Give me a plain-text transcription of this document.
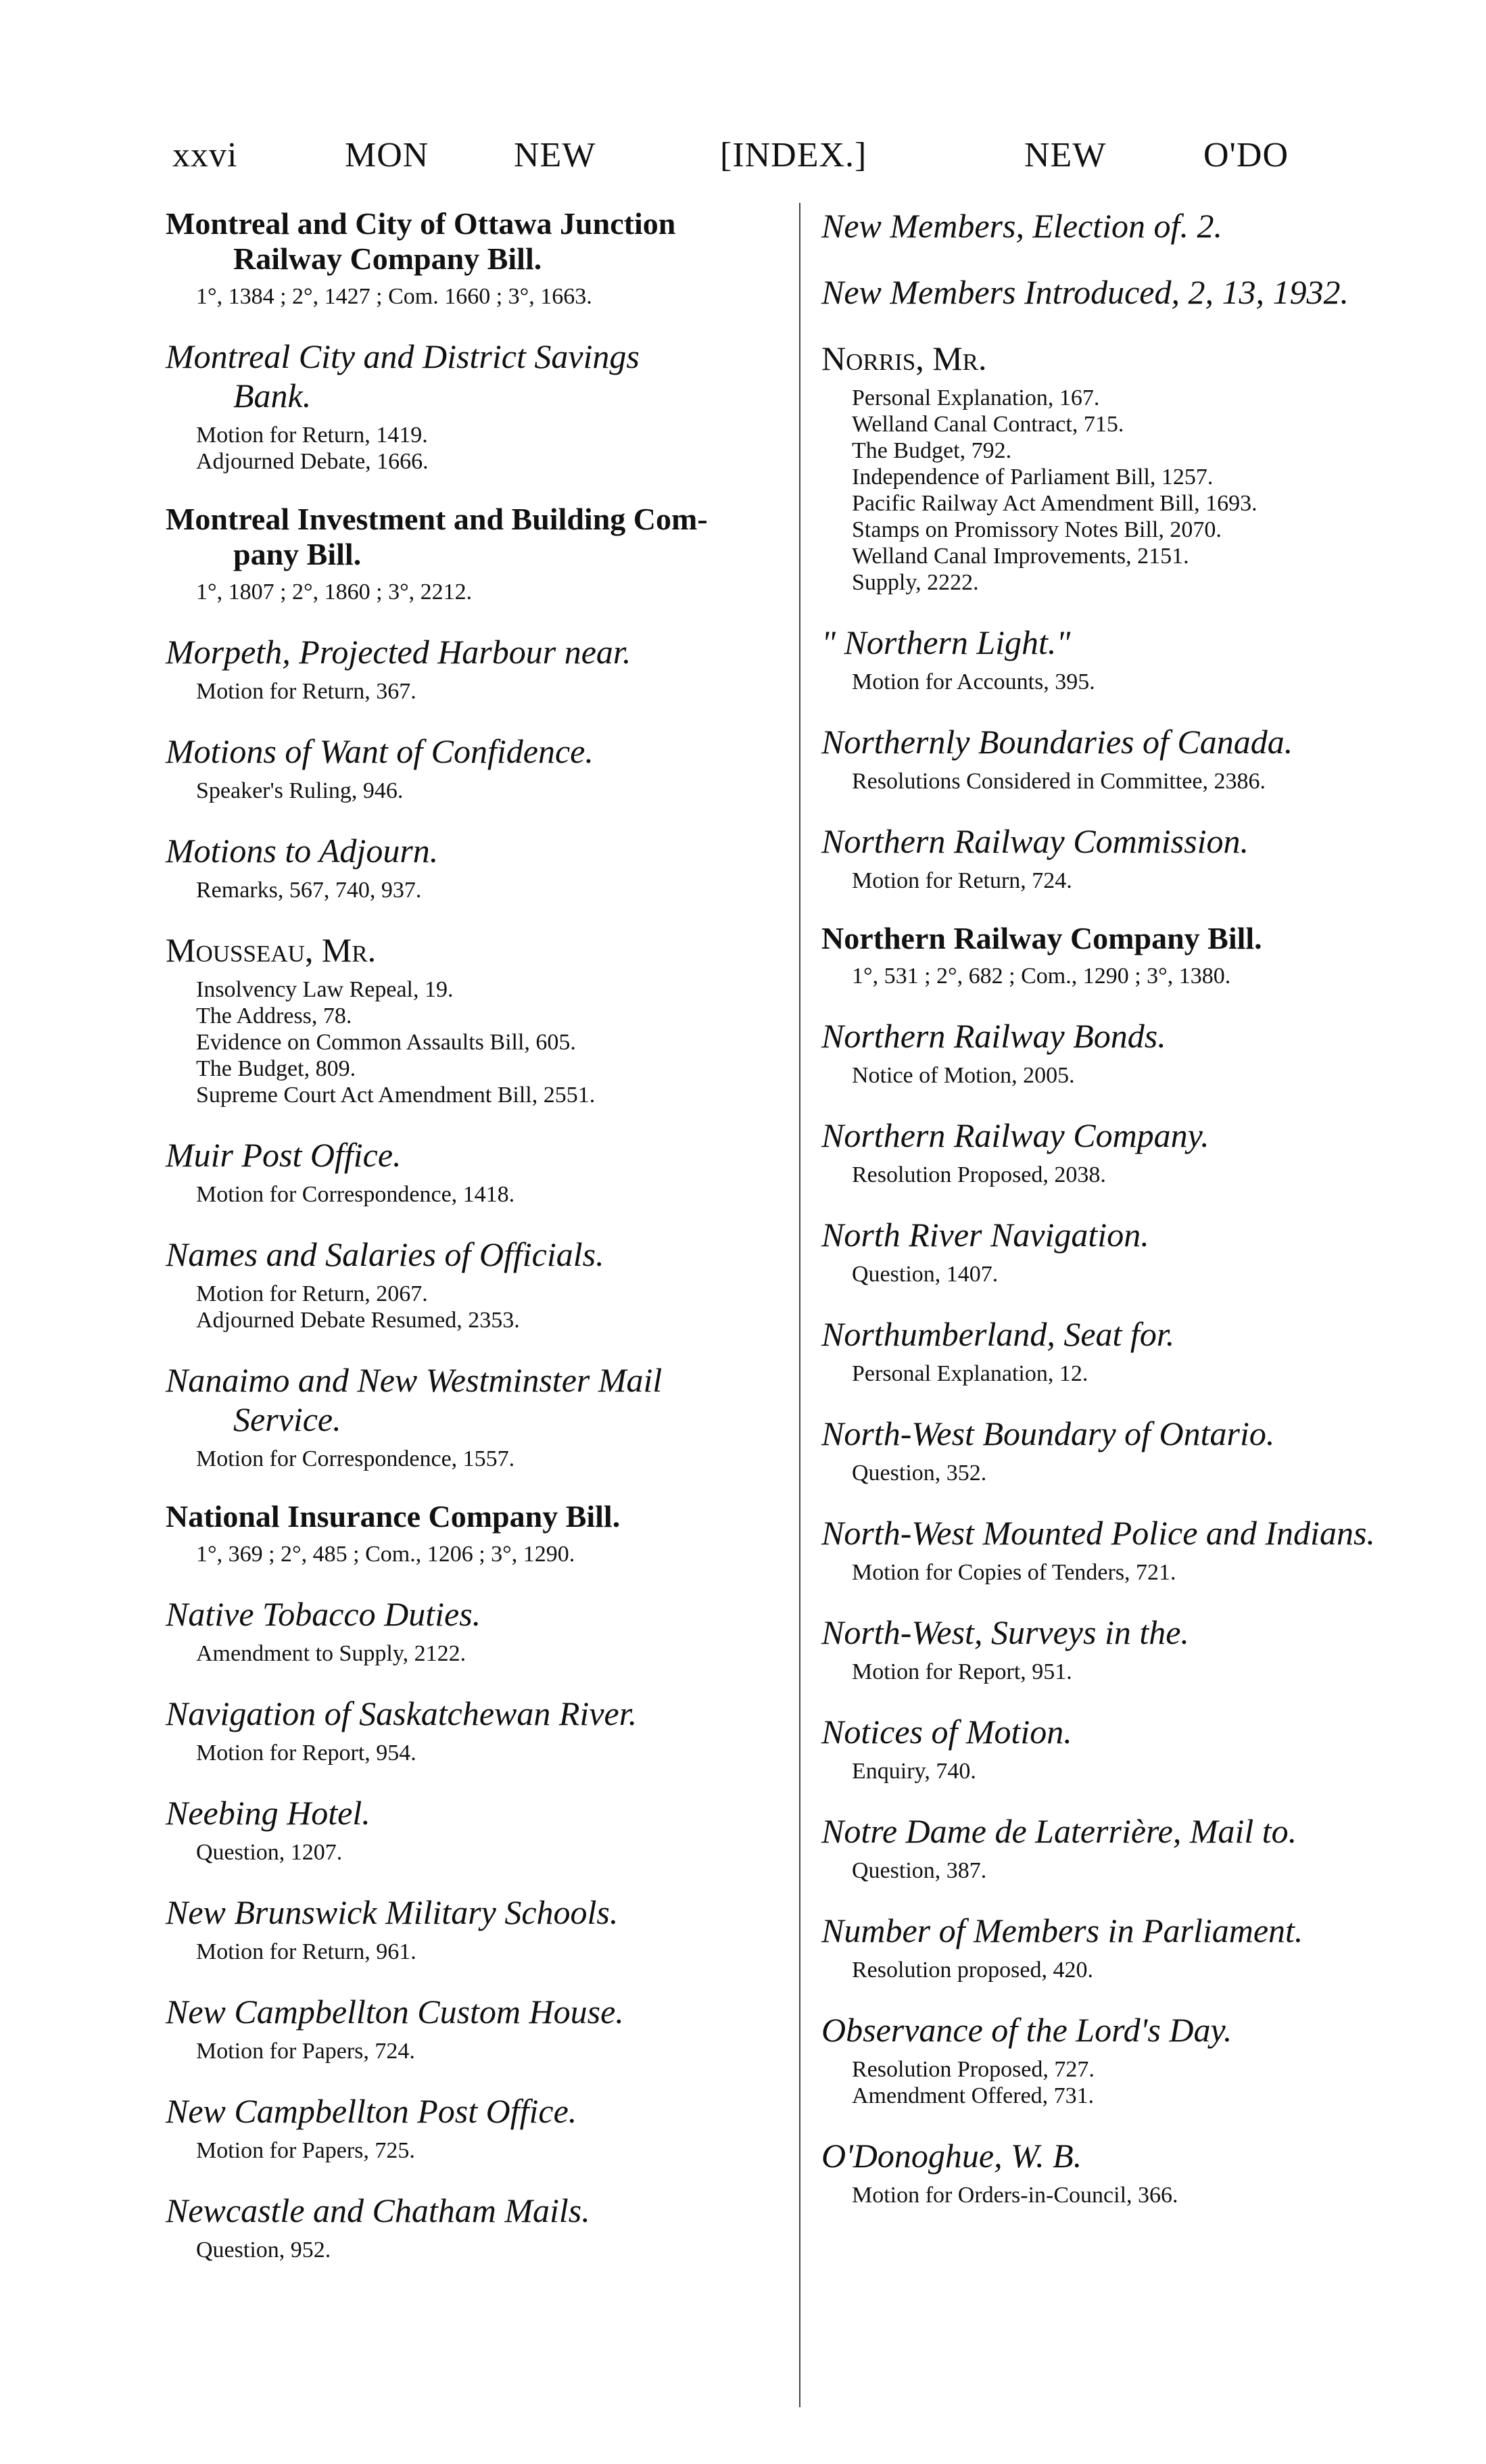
xxvi	MON NEW	[INDEX.]	NEW	O'DO
Montreal and City of Ottawa Junction
Railway Company Bill.
1°, 1384 ; 2°, 1427 ; Com. 1660 ; 3°, 1663.
Montreal City and District Savings
Bank.
Motion for Return, 1419.
Adjourned Debate, 1666.
Montreal Investment and Building Com-
pany Bill.
1°, 1807 ; 2°, 1860 ; 3°, 2212.
Morpeth, Projected Harbour near.
Motion for Return, 367.
Motions of Want of Confidence.
Speaker's Ruling, 946.
Motions to Adjourn.
Remarks, 567, 740, 937.
Mousseau, Mr.
Insolvency Law Repeal, 19.
The Address, 78.
Evidence on Common Assaults Bill, 605.
The Budget, 809.
Supreme Court Act Amendment Bill, 2551.
Muir Post Office.
Motion for Correspondence, 1418.
Names and Salaries of Officials.
Motion for Return, 2067.
Adjourned Debate Resumed, 2353.
Nanaimo and New Westminster Mail
Service.
Motion for Correspondence, 1557.
National Insurance Company Bill.
1°, 369 ; 2°, 485 ; Com., 1206 ; 3°, 1290.
Native Tobacco Duties.
Amendment to Supply, 2122.
Navigation of Saskatchewan River.
Motion for Report, 954.
Neebing Hotel.
Question, 1207.
New Brunswick Military Schools.
Motion for Return, 961.
New Campbellton Custom House.
Motion for Papers, 724.
New Campbellton Post Office.
Motion for Papers, 725.
Newcastle and Chatham Mails.
Question, 952.
New Members, Election of. 2.
New Members Introduced, 2, 13, 1932.
Norris, Mr.
Personal Explanation, 167.
Welland Canal Contract, 715.
The Budget, 792.
Independence of Parliament Bill, 1257.
Pacific Railway Act Amendment Bill, 1693.
Stamps on Promissory Notes Bill, 2070.
Welland Canal Improvements, 2151.
Supply, 2222.
" Northern Light."
Motion for Accounts, 395.
Northernly Boundaries of Canada.
Resolutions Considered in Committee, 2386.
Northern Railway Commission.
Motion for Return, 724.
Northern Railway Company Bill.
1°, 531 ; 2°, 682 ; Com., 1290 ; 3°, 1380.
Northern Railway Bonds.
Notice of Motion, 2005.
Northern Railway Company.
Resolution Proposed, 2038.
North River Navigation.
Question, 1407.
Northumberland, Seat for.
Personal Explanation, 12.
North-West Boundary of Ontario.
Question, 352.
North-West Mounted Police and Indians.
Motion for Copies of Tenders, 721.
North-West, Surveys in the.
Motion for Report, 951.
Notices of Motion.
Enquiry, 740.
Notre Dame de Laterrière, Mail to.
Question, 387.
Number of Members in Parliament.
Resolution proposed, 420.
Observance of the Lord's Day.
Resolution Proposed, 727.
Amendment Offered, 731.
O'Donoghue, W. B.
Motion for Orders-in-Council, 366.
